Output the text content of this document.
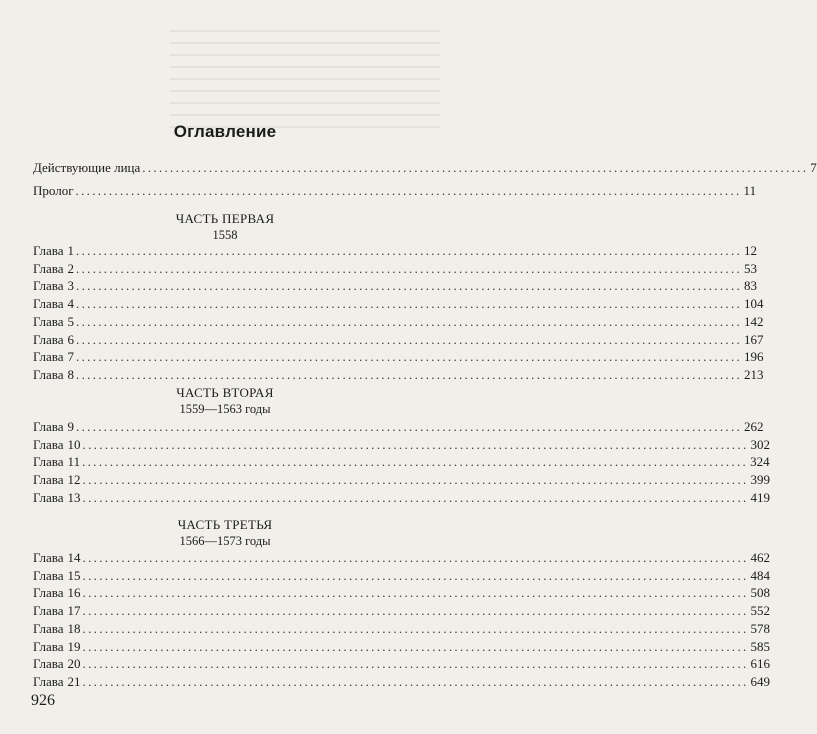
Оглавление
Действующие лица ........................................................................................................................ 7
Пролог ........................................................................................................................ 11
ЧАСТЬ ПЕРВАЯ
1558
Глава 1 ........................................................................................................................ 12
Глава 2 ........................................................................................................................ 53
Глава 3 ........................................................................................................................ 83
Глава 4 ........................................................................................................................ 104
Глава 5 ........................................................................................................................ 142
Глава 6 ........................................................................................................................ 167
Глава 7 ........................................................................................................................ 196
Глава 8 ........................................................................................................................ 213
ЧАСТЬ ВТОРАЯ
1559—1563 годы
Глава 9 ........................................................................................................................ 262
Глава 10 ........................................................................................................................ 302
Глава 11 ........................................................................................................................ 324
Глава 12 ........................................................................................................................ 399
Глава 13 ........................................................................................................................ 419
ЧАСТЬ ТРЕТЬЯ
1566—1573 годы
Глава 14 ........................................................................................................................ 462
Глава 15 ........................................................................................................................ 484
Глава 16 ........................................................................................................................ 508
Глава 17 ........................................................................................................................ 552
Глава 18 ........................................................................................................................ 578
Глава 19 ........................................................................................................................ 585
Глава 20 ........................................................................................................................ 616
Глава 21 ........................................................................................................................ 649
926
